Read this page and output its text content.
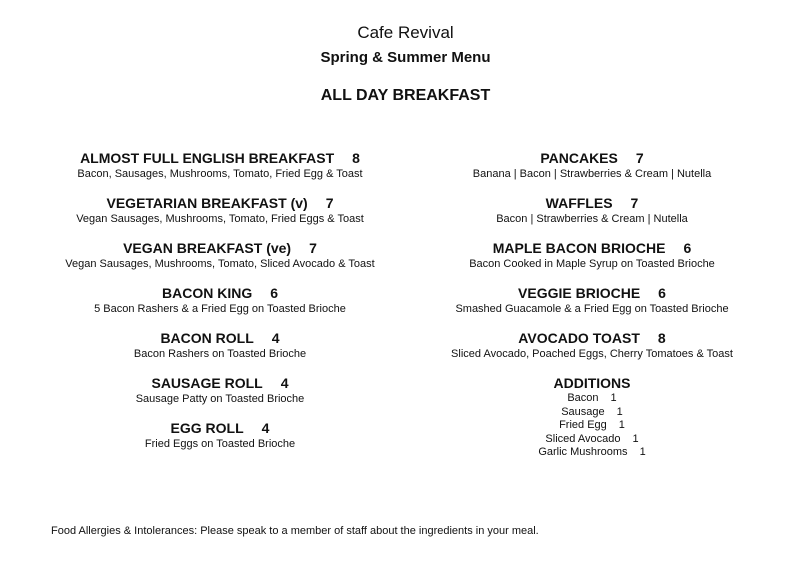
Cafe Revival
Spring & Summer Menu
ALL DAY BREAKFAST
ALMOST FULL ENGLISH BREAKFAST 8
Bacon, Sausages, Mushrooms, Tomato, Fried Egg & Toast
VEGETARIAN BREAKFAST (v) 7
Vegan Sausages, Mushrooms, Tomato, Fried Eggs & Toast
VEGAN BREAKFAST (ve) 7
Vegan Sausages, Mushrooms, Tomato, Sliced Avocado & Toast
BACON KING 6
5 Bacon Rashers & a Fried Egg on Toasted Brioche
BACON ROLL 4
Bacon Rashers on Toasted Brioche
SAUSAGE ROLL 4
Sausage Patty on Toasted Brioche
EGG ROLL 4
Fried Eggs on Toasted Brioche
PANCAKES 7
Banana | Bacon | Strawberries & Cream | Nutella
WAFFLES 7
Bacon | Strawberries & Cream | Nutella
MAPLE BACON BRIOCHE 6
Bacon Cooked in Maple Syrup on Toasted Brioche
VEGGIE BRIOCHE 6
Smashed Guacamole & a Fried Egg on Toasted Brioche
AVOCADO TOAST 8
Sliced Avocado, Poached Eggs, Cherry Tomatoes & Toast
ADDITIONS
Bacon 1
Sausage 1
Fried Egg 1
Sliced Avocado 1
Garlic Mushrooms 1
Food Allergies & Intolerances: Please speak to a member of staff about the ingredients in your meal.
